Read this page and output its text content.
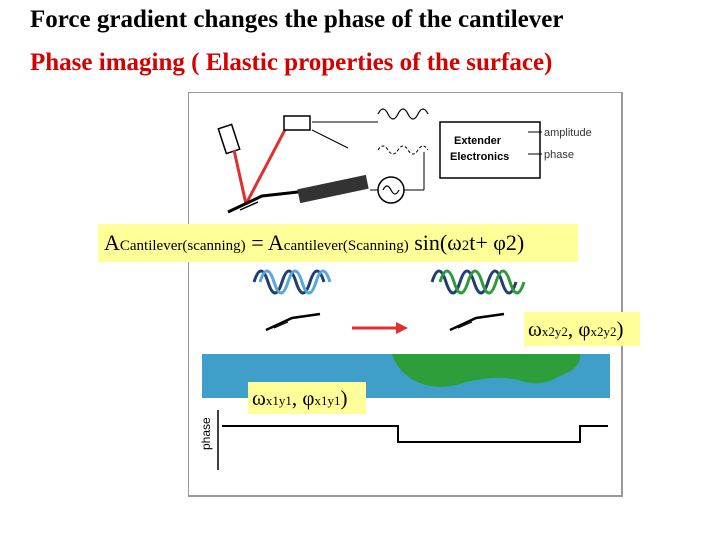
Force gradient changes the phase of the cantilever
Phase imaging ( Elastic properties of the surface)
Extender
Electronics
amplitude
phase
phase
ACantilever(scanning) = Acantilever(Scanning) sin(ω2t+ φ2)
ωx2y2, φx2y2)
ωx1y1, φx1y1)
